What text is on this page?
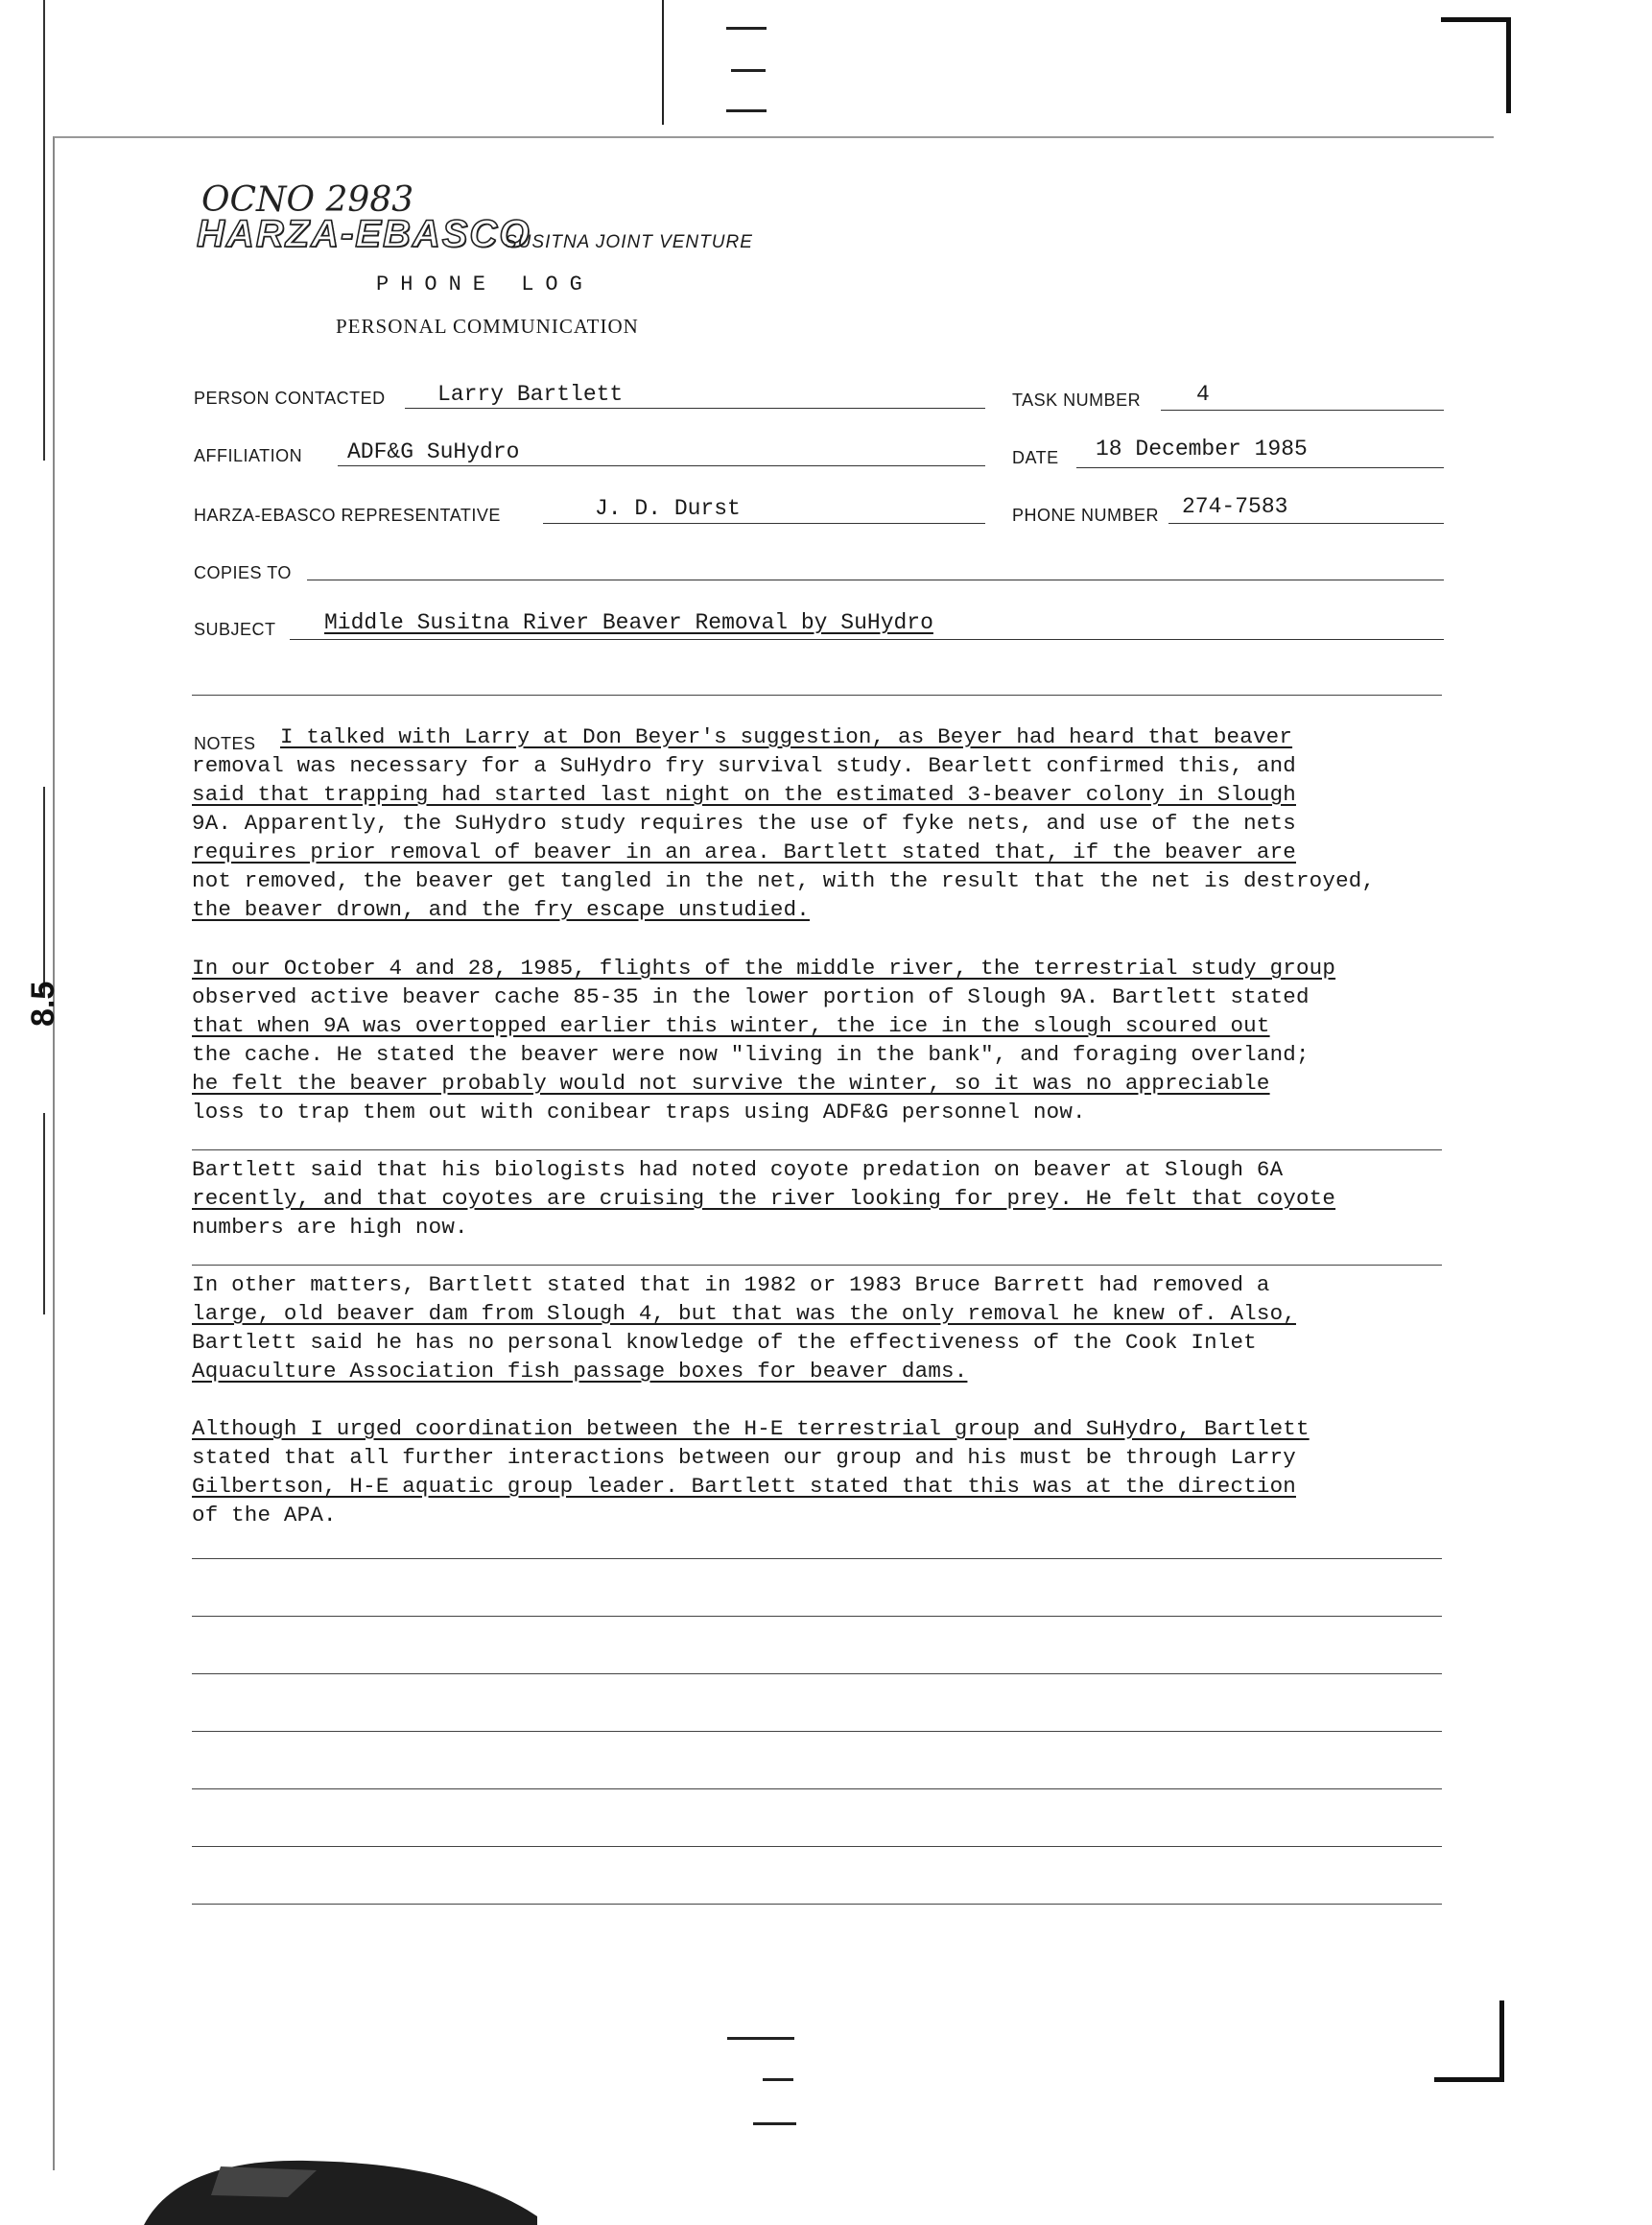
8.5
OCNO 2983
HARZA-EBASCO
SUSITNA JOINT VENTURE
PHONE LOG
PERSONAL COMMUNICATION
PERSON CONTACTED Larry Bartlett	TASK NUMBER	4
AFFILIATION ADF&G SuHydro	DATE 18 December 1985
HARZA-EBASCO REPRESENTATIVE	J. D. Durst	PHONE NUMBER 274-7583
COPIES TO
SUBJECT Middle Susitna River Beaver Removal by SuHydro
NOTES I talked with Larry at Don Beyer's suggestion, as Beyer had heard that beaver
removal was necessary for a SuHydro fry survival study. Bearlett confirmed this, and
said that trapping had started last night on the estimated 3-beaver colony in Slough
9A. Apparently, the SuHydro study requires the use of fyke nets, and use of the nets
requires prior removal of beaver in an area. Bartlett stated that, if the beaver are
not removed, the beaver get tangled in the net, with the result that the net is destroyed,
the beaver drown, and the fry escape unstudied.
In our October 4 and 28, 1985, flights of the middle river, the terrestrial study group
observed active beaver cache 85-35 in the lower portion of Slough 9A. Bartlett stated
that when 9A was overtopped earlier this winter, the ice in the slough scoured out
the cache. He stated the beaver were now "living in the bank", and foraging overland;
he felt the beaver probably would not survive the winter, so it was no appreciable
loss to trap them out with conibear traps using ADF&G personnel now.
Bartlett said that his biologists had noted coyote predation on beaver at Slough 6A
recently, and that coyotes are cruising the river looking for prey. He felt that coyote
numbers are high now.
In other matters, Bartlett stated that in 1982 or 1983 Bruce Barrett had removed a
large, old beaver dam from Slough 4, but that was the only removal he knew of. Also,
Bartlett said he has no personal knowledge of the effectiveness of the Cook Inlet
Aquaculture Association fish passage boxes for beaver dams.
Although I urged coordination between the H-E terrestrial group and SuHydro, Bartlett
stated that all further interactions between our group and his must be through Larry
Gilbertson, H-E aquatic group leader. Bartlett stated that this was at the direction
of the APA.
